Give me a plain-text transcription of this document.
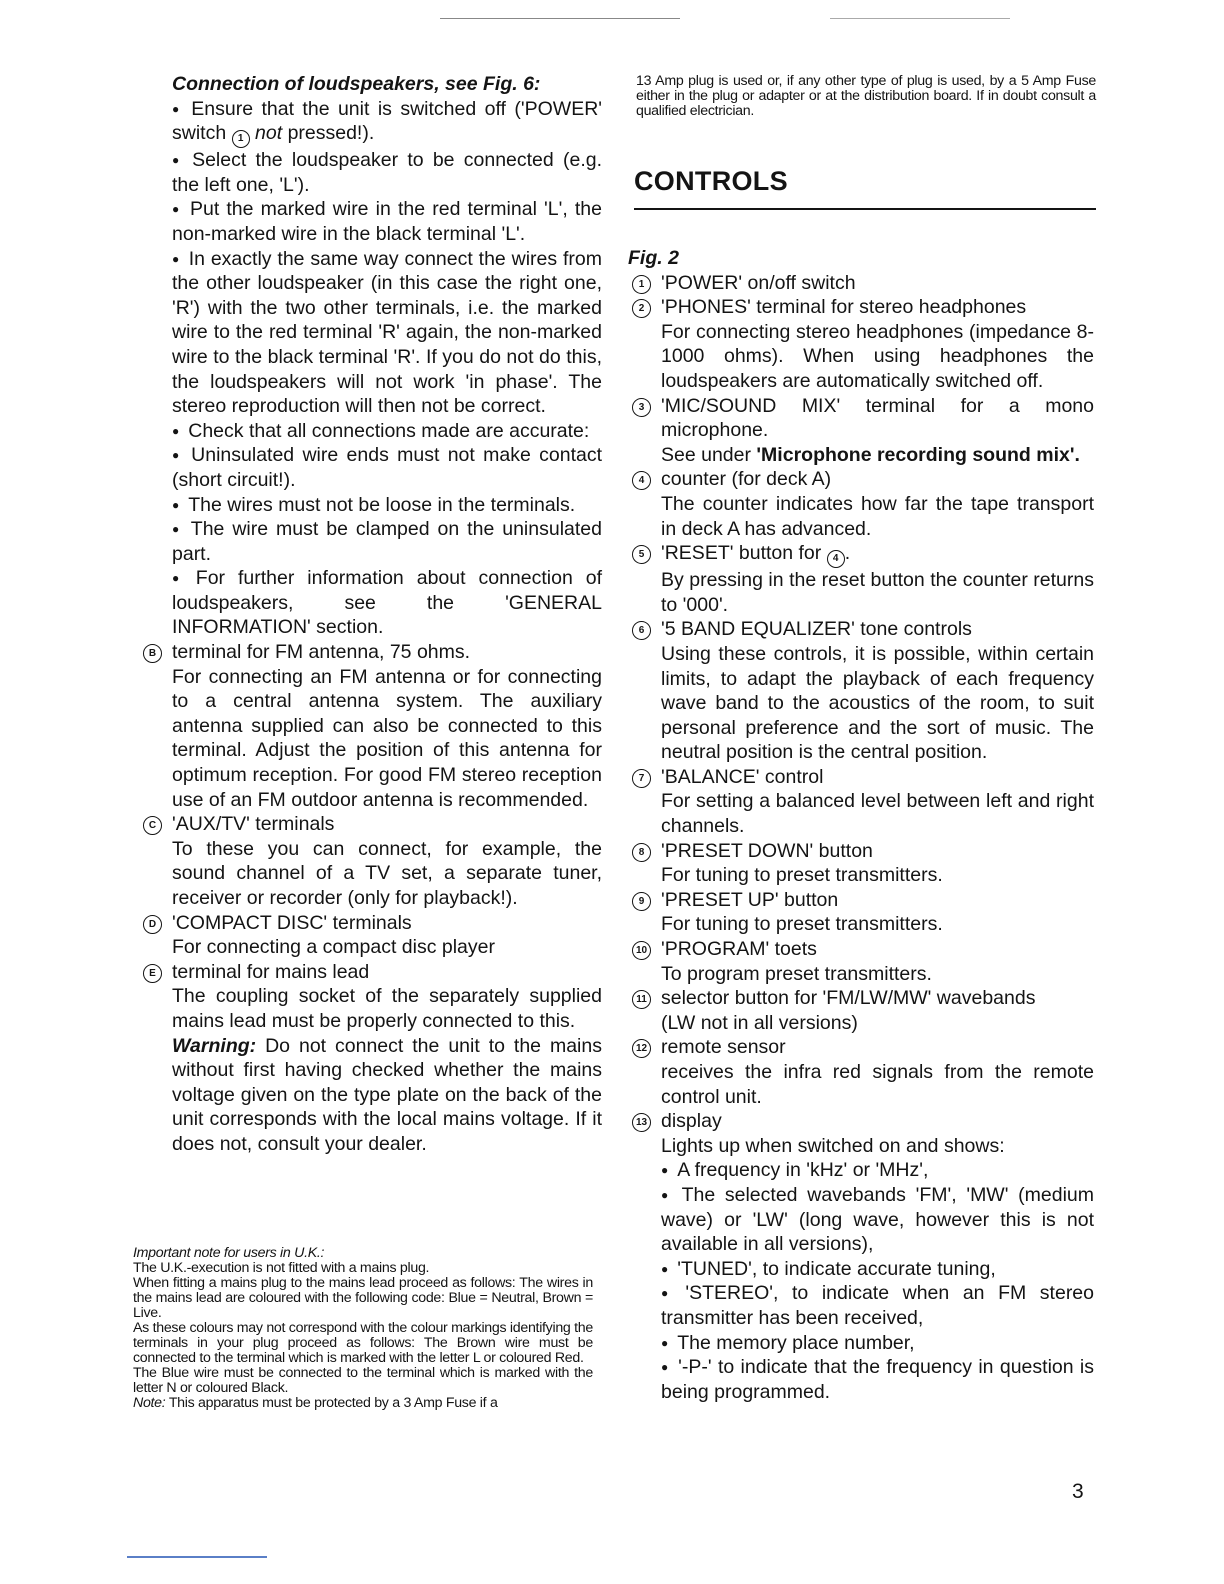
Connection of loudspeakers, see Fig. 6:

● Ensure that the unit is switched off ('POWER' switch 1 not pressed!).

● Select the loudspeaker to be connected (e.g. the left one, 'L').

● Put the marked wire in the red terminal 'L', the non-marked wire in the black terminal 'L'.

● In exactly the same way connect the wires from the other loudspeaker (in this case the right one, 'R') with the two other terminals, i.e. the marked wire to the red terminal 'R' again, the non-marked wire to the black terminal 'R'. If you do not do this, the loudspeakers will not work 'in phase'. The stereo reproduction will then not be correct.

● Check that all connections made are accurate:

● Uninsulated wire ends must not make contact (short circuit!).

● The wires must not be loose in the terminals.

● The wire must be clamped on the uninsulated part.

● For further information about connection of loudspeakers, see the 'GENERAL INFORMATION' section.

B terminal for FM antenna, 75 ohms.

For connecting an FM antenna or for connecting to a central antenna system. The auxiliary antenna supplied can also be connected to this terminal. Adjust the position of this antenna for optimum reception. For good FM stereo reception use of an FM outdoor antenna is recommended.

C 'AUX/TV' terminals

To these you can connect, for example, the sound channel of a TV set, a separate tuner, receiver or recorder (only for playback!).

D 'COMPACT DISC' terminals

For connecting a compact disc player

E terminal for mains lead

The coupling socket of the separately supplied mains lead must be properly connected to this.

Warning: Do not connect the unit to the mains without first having checked whether the mains voltage given on the type plate on the back of the unit corresponds with the local mains voltage. If it does not, consult your dealer.

Important note for users in U.K.:

The U.K.-execution is not fitted with a mains plug.

When fitting a mains plug to the mains lead proceed as follows: The wires in the mains lead are coloured with the following code: Blue = Neutral, Brown = Live.

As these colours may not correspond with the colour markings identifying the terminals in your plug proceed as follows: The Brown wire must be connected to the terminal which is marked with the letter L or coloured Red.

The Blue wire must be connected to the terminal which is marked with the letter N or coloured Black.

Note: This apparatus must be protected by a 3 Amp Fuse if a

13 Amp plug is used or, if any other type of plug is used, by a 5 Amp Fuse either in the plug or adapter or at the distribution board. If in doubt consult a qualified electrician.

CONTROLS

Fig. 2

1 'POWER' on/off switch

2 'PHONES' terminal for stereo headphones

For connecting stereo headphones (impedance 8-1000 ohms). When using headphones the loudspeakers are automatically switched off.

3 'MIC/SOUND MIX' terminal for a mono microphone.

See under 'Microphone recording sound mix'.

4 counter (for deck A)

The counter indicates how far the tape transport in deck A has advanced.

5 'RESET' button for 4 .

By pressing in the reset button the counter returns to '000'.

6 '5 BAND EQUALIZER' tone controls

Using these controls, it is possible, within certain limits, to adapt the playback of each frequency wave band to the acoustics of the room, to suit personal preference and the sort of music. The neutral position is the central position.

7 'BALANCE' control

For setting a balanced level between left and right channels.

8 'PRESET DOWN' button

For tuning to preset transmitters.

9 'PRESET UP' button

For tuning to preset transmitters.

10 'PROGRAM' toets

To program preset transmitters.

11 selector button for 'FM/LW/MW' wavebands

(LW not in all versions)

12 remote sensor

receives the infra red signals from the remote control unit.

13 display

Lights up when switched on and shows:

● A frequency in 'kHz' or 'MHz',

● The selected wavebands 'FM', 'MW' (medium wave) or 'LW' (long wave, however this is not available in all versions),

● 'TUNED', to indicate accurate tuning,

● 'STEREO', to indicate when an FM stereo transmitter has been received,

● The memory place number,

● '-P-' to indicate that the frequency in question is being programmed.

3
